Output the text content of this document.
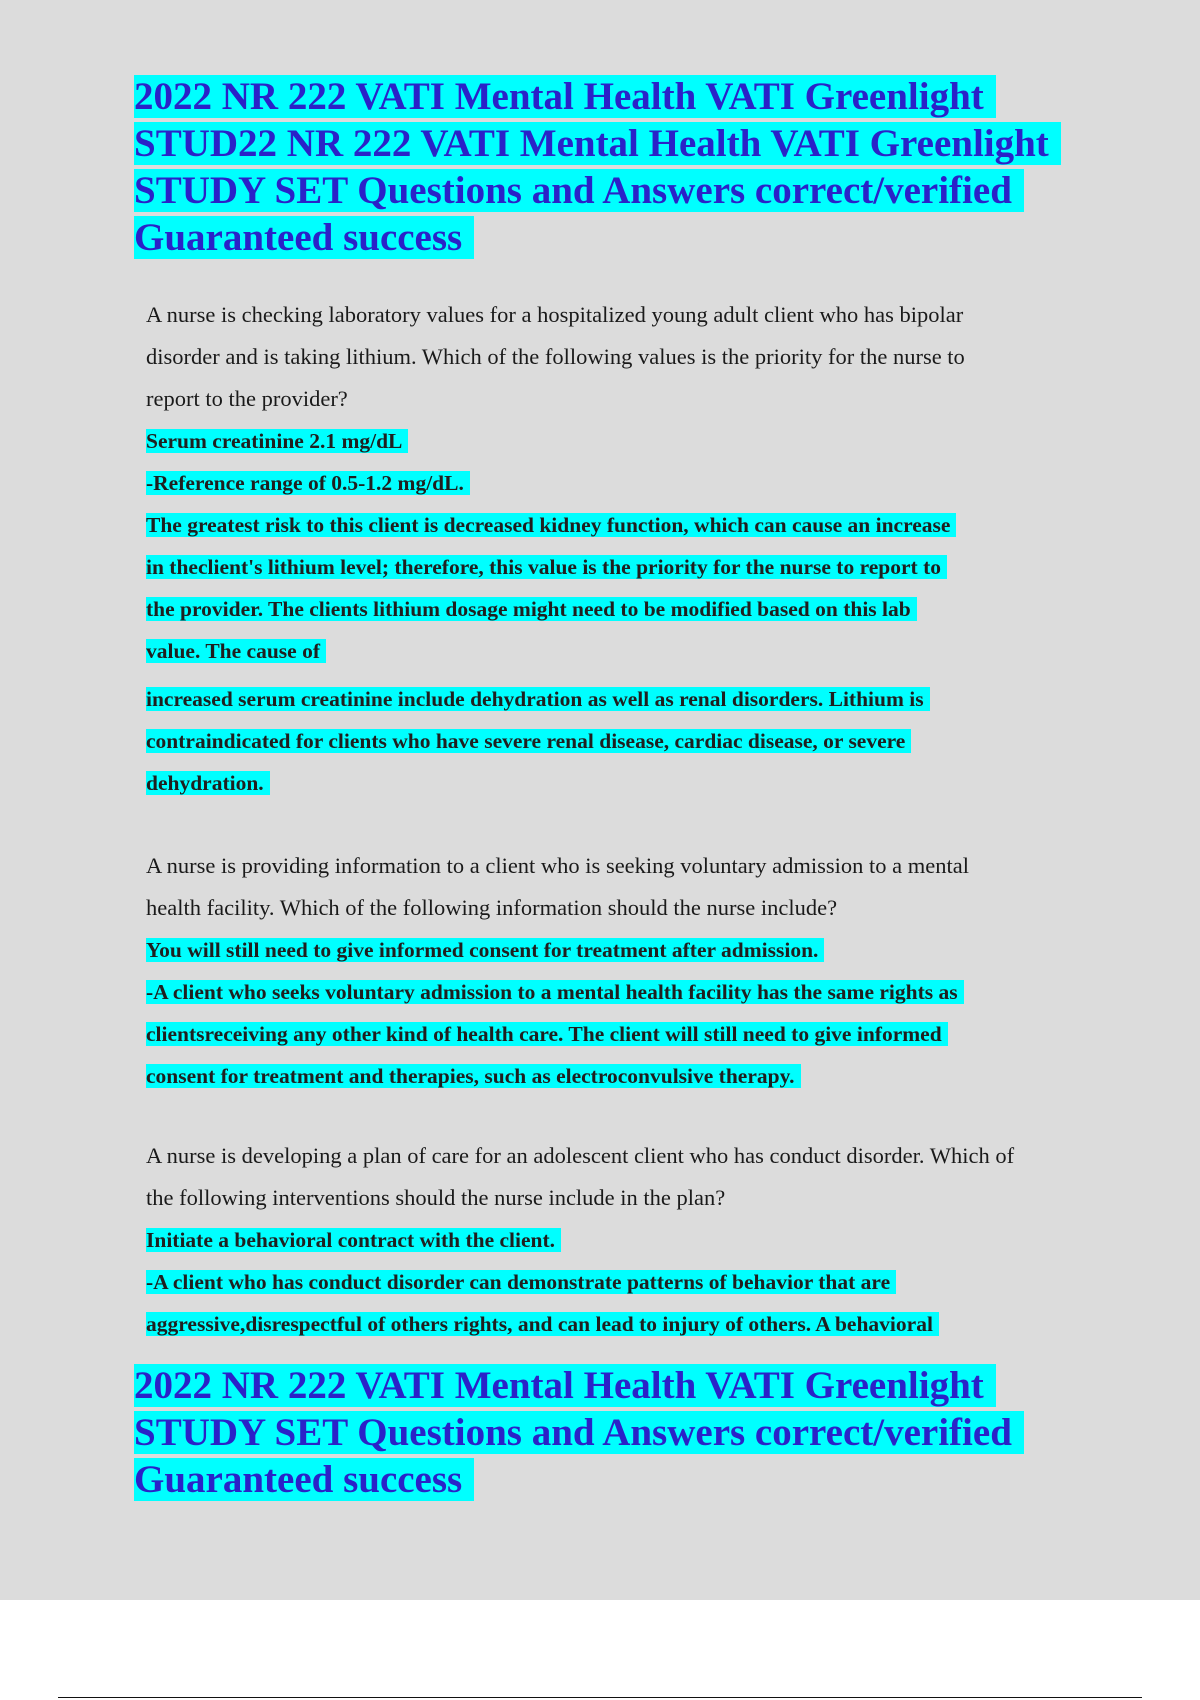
2022 NR 222 VATI Mental Health VATI Greenlight
STUD22 NR 222 VATI Mental Health VATI Greenlight
STUDY SET Questions and Answers correct/verified
Guaranteed success
A nurse is checking laboratory values for a hospitalized young adult client who has bipolar
disorder and is taking lithium. Which of the following values is the priority for the nurse to
report to the provider?
Serum creatinine 2.1 mg/dL
-Reference range of 0.5-1.2 mg/dL.
The greatest risk to this client is decreased kidney function, which can cause an increase
in theclient's lithium level; therefore, this value is the priority for the nurse to report to
the provider. The clients lithium dosage might need to be modified based on this lab
value. The cause of
increased serum creatinine include dehydration as well as renal disorders. Lithium is
contraindicated for clients who have severe renal disease, cardiac disease, or severe
dehydration.
A nurse is providing information to a client who is seeking voluntary admission to a mental
health facility. Which of the following information should the nurse include?
You will still need to give informed consent for treatment after admission.
-A client who seeks voluntary admission to a mental health facility has the same rights as
clientsreceiving any other kind of health care. The client will still need to give informed
consent for treatment and therapies, such as electroconvulsive therapy.
A nurse is developing a plan of care for an adolescent client who has conduct disorder. Which of
the following interventions should the nurse include in the plan?
Initiate a behavioral contract with the client.
-A client who has conduct disorder can demonstrate patterns of behavior that are
aggressive,disrespectful of others rights, and can lead to injury of others. A behavioral
2022 NR 222 VATI Mental Health VATI Greenlight
STUDY SET Questions and Answers correct/verified
Guaranteed success
